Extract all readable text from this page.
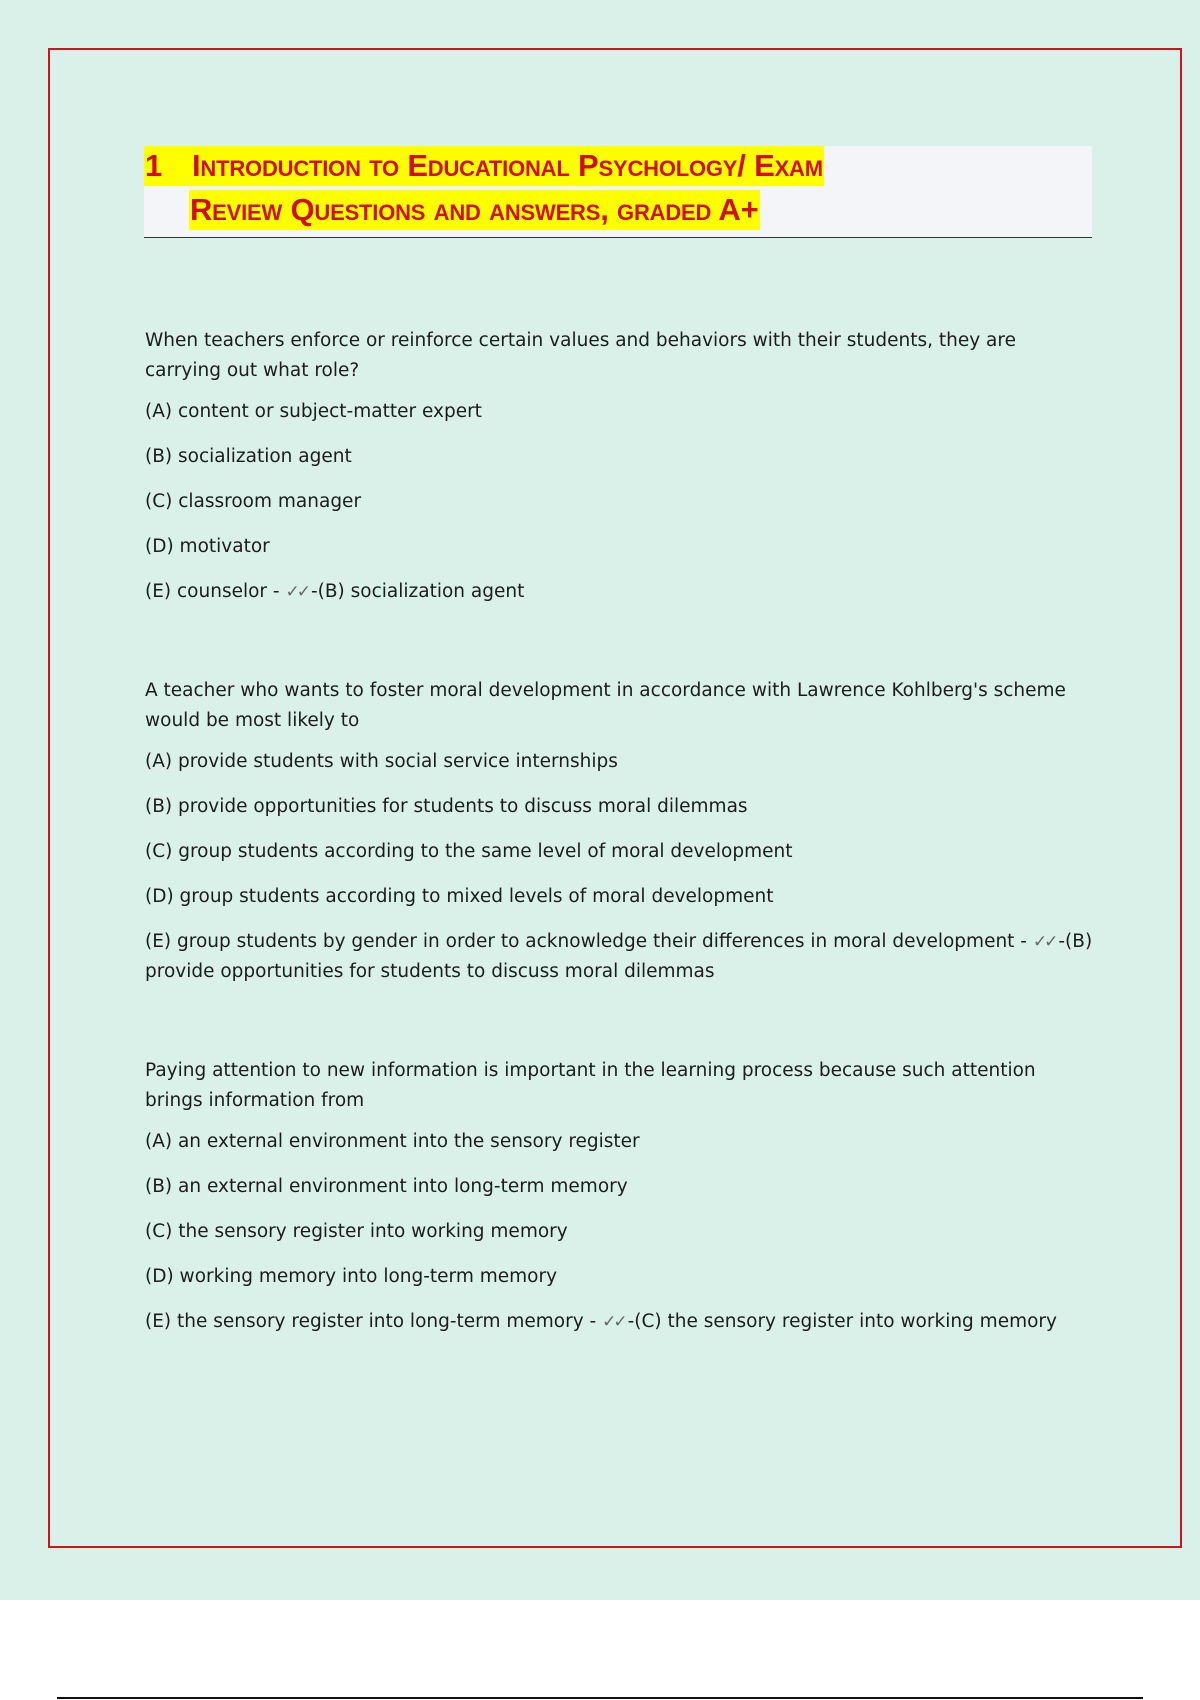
1 Introduction to Educational Psychology/ Exam
Review Questions and answers, graded A+

When teachers enforce or reinforce certain values and behaviors with their students, they are carrying out what role?

(A) content or subject-matter expert
(B) socialization agent
(C) classroom manager
(D) motivator
(E) counselor - ✓✓ -(B) socialization agent

A teacher who wants to foster moral development in accordance with Lawrence Kohlberg's scheme would be most likely to

(A) provide students with social service internships
(B) provide opportunities for students to discuss moral dilemmas
(C) group students according to the same level of moral development
(D) group students according to mixed levels of moral development
(E) group students by gender in order to acknowledge their differences in moral development - ✓✓ -(B) provide opportunities for students to discuss moral dilemmas

Paying attention to new information is important in the learning process because such attention brings information from

(A) an external environment into the sensory register
(B) an external environment into long-term memory
(C) the sensory register into working memory
(D) working memory into long-term memory
(E) the sensory register into long-term memory - ✓✓ -(C) the sensory register into working memory
